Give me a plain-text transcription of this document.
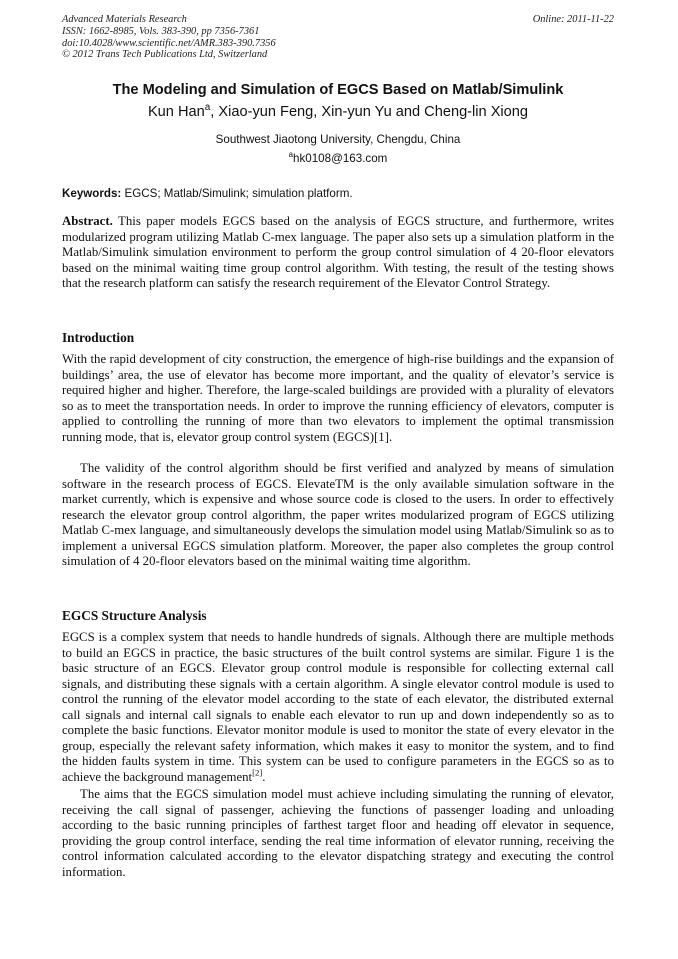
Advanced Materials Research
ISSN: 1662-8985, Vols. 383-390, pp 7356-7361
doi:10.4028/www.scientific.net/AMR.383-390.7356
© 2012 Trans Tech Publications Ltd, Switzerland
Online: 2011-11-22
The Modeling and Simulation of EGCS Based on Matlab/Simulink
Kun Han$^a$, Xiao-yun Feng, Xin-yun Yu and Cheng-lin Xiong
Southwest Jiaotong University, Chengdu, China
$^a$hk0108@163.com
Keywords: EGCS; Matlab/Simulink; simulation platform.

Abstract. This paper models EGCS based on the analysis of EGCS structure, and furthermore, writes modularized program utilizing Matlab C-mex language. The paper also sets up a simulation platform in the Matlab/Simulink simulation environment to perform the group control simulation of 4 20-floor elevators based on the minimal waiting time group control algorithm. With testing, the result of the testing shows that the research platform can satisfy the research requirement of the Elevator Control Strategy.

Introduction

With the rapid development of city construction, the emergence of high-rise buildings and the expansion of buildings’ area, the use of elevator has become more important, and the quality of elevator’s service is required higher and higher. Therefore, the large-scaled buildings are provided with a plurality of elevators so as to meet the transportation needs. In order to improve the running efficiency of elevators, computer is applied to controlling the running of more than two elevators to implement the optimal transmission running mode, that is, elevator group control system (EGCS)[1].

The validity of the control algorithm should be first verified and analyzed by means of simulation software in the research process of EGCS. ElevateTM is the only available simulation software in the market currently, which is expensive and whose source code is closed to the users. In order to effectively research the elevator group control algorithm, the paper writes modularized program of EGCS utilizing Matlab C-mex language, and simultaneously develops the simulation model using Matlab/Simulink so as to implement a universal EGCS simulation platform. Moreover, the paper also completes the group control simulation of 4 20-floor elevators based on the minimal waiting time algorithm.

EGCS Structure Analysis

EGCS is a complex system that needs to handle hundreds of signals. Although there are multiple methods to build an EGCS in practice, the basic structures of the built control systems are similar. Figure 1 is the basic structure of an EGCS. Elevator group control module is responsible for collecting external call signals, and distributing these signals with a certain algorithm. A single elevator control module is used to control the running of the elevator model according to the state of each elevator, the distributed external call signals and internal call signals to enable each elevator to run up and down independently so as to complete the basic functions. Elevator monitor module is used to monitor the state of every elevator in the group, especially the relevant safety information, which makes it easy to monitor the system, and to find the hidden faults system in time. This system can be used to configure parameters in the EGCS so as to achieve the background management[2].

The aims that the EGCS simulation model must achieve including simulating the running of elevator, receiving the call signal of passenger, achieving the functions of passenger loading and unloading according to the basic running principles of farthest target floor and heading off elevator in sequence, providing the group control interface, sending the real time information of elevator running, receiving the control information calculated according to the elevator dispatching strategy and executing the control information.
